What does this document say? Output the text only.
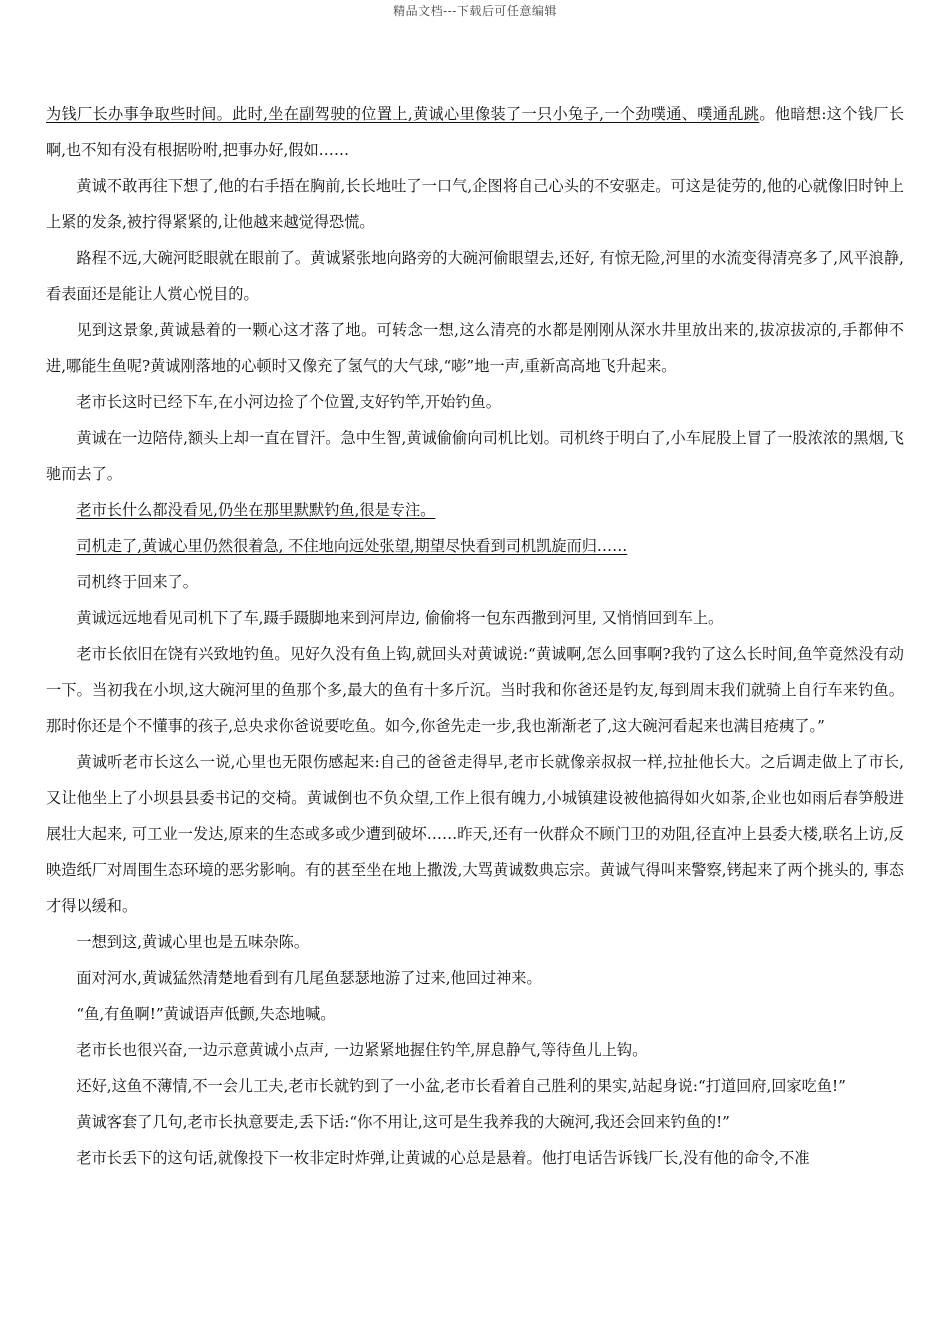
精品文档---下载后可任意编辑

为钱厂长办事争取些时间。此时,坐在副驾驶的位置上,黄诚心里像装了一只小兔子,一个劲噗通、噗通乱跳。他暗想:这个钱厂长啊,也不知有没有根据吩咐,把事办好,假如……

黄诚不敢再往下想了,他的右手捂在胸前,长长地吐了一口气,企图将自己心头的不安驱走。可这是徒劳的,他的心就像旧时钟上上紧的发条,被拧得紧紧的,让他越来越觉得恐慌。

路程不远,大碗河眨眼就在眼前了。黄诚紧张地向路旁的大碗河偷眼望去,还好, 有惊无险,河里的水流变得清亮多了,风平浪静,看表面还是能让人赏心悦目的。

见到这景象,黄诚悬着的一颗心这才落了地。可转念一想,这么清亮的水都是刚刚从深水井里放出来的,拔凉拔凉的,手都伸不进,哪能生鱼呢?黄诚刚落地的心顿时又像充了氢气的大气球,“嘭”地一声,重新高高地飞升起来。

老市长这时已经下车,在小河边捡了个位置,支好钓竿,开始钓鱼。

黄诚在一边陪侍,额头上却一直在冒汗。急中生智,黄诚偷偷向司机比划。司机终于明白了,小车屁股上冒了一股浓浓的黑烟,飞驰而去了。

老市长什么都没看见,仍坐在那里默默钓鱼,很是专注。

司机走了,黄诚心里仍然很着急, 不住地向远处张望,期望尽快看到司机凯旋而归……

司机终于回来了。

黄诚远远地看见司机下了车,蹑手蹑脚地来到河岸边, 偷偷将一包东西撒到河里, 又悄悄回到车上。

老市长依旧在饶有兴致地钓鱼。见好久没有鱼上钩,就回头对黄诚说:“黄诚啊,怎么回事啊?我钓了这么长时间,鱼竿竟然没有动一下。当初我在小坝,这大碗河里的鱼那个多,最大的鱼有十多斤沉。当时我和你爸还是钓友,每到周末我们就骑上自行车来钓鱼。那时你还是个不懂事的孩子,总央求你爸说要吃鱼。如今,你爸先走一步,我也渐渐老了,这大碗河看起来也满目疮痍了。”

黄诚听老市长这么一说,心里也无限伤感起来:自己的爸爸走得早,老市长就像亲叔叔一样,拉扯他长大。之后调走做上了市长,又让他坐上了小坝县县委书记的交椅。黄诚倒也不负众望,工作上很有魄力,小城镇建设被他搞得如火如荼,企业也如雨后春笋般进展壮大起来, 可工业一发达,原来的生态或多或少遭到破坏……昨天,还有一伙群众不顾门卫的劝阻,径直冲上县委大楼,联名上访,反映造纸厂对周围生态环境的恶劣影响。有的甚至坐在地上撒泼,大骂黄诚数典忘宗。黄诚气得叫来警察,铐起来了两个挑头的, 事态才得以缓和。

一想到这,黄诚心里也是五味杂陈。

面对河水,黄诚猛然清楚地看到有几尾鱼瑟瑟地游了过来,他回过神来。

“鱼,有鱼啊!”黄诚语声低颤,失态地喊。

老市长也很兴奋,一边示意黄诚小点声, 一边紧紧地握住钓竿,屏息静气,等待鱼儿上钩。

还好,这鱼不薄情,不一会儿工夫,老市长就钓到了一小盆,老市长看着自己胜利的果实,站起身说:“打道回府,回家吃鱼!”

黄诚客套了几句,老市长执意要走,丢下话:“你不用让,这可是生我养我的大碗河,我还会回来钓鱼的!”

老市长丢下的这句话,就像投下一枚非定时炸弹,让黄诚的心总是悬着。他打电话告诉钱厂长,没有他的命令,不准
